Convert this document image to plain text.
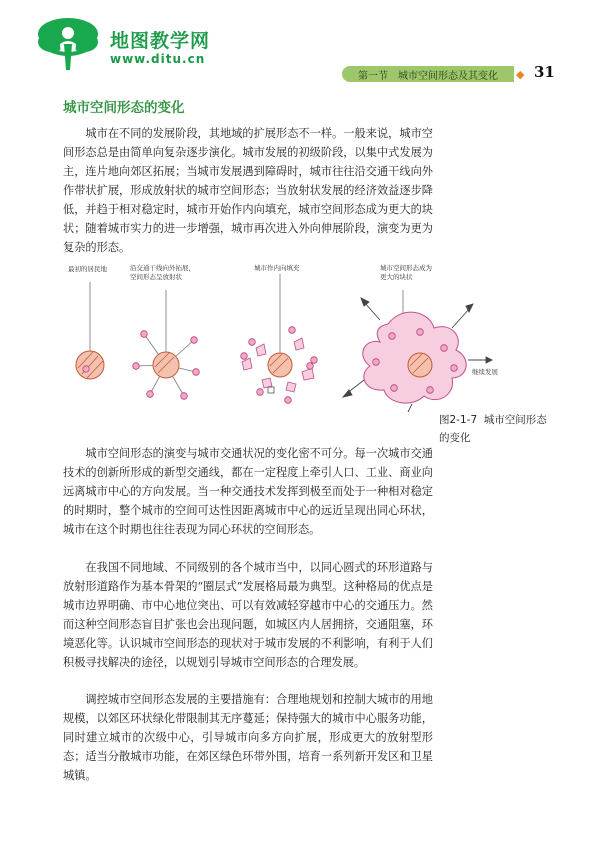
地图教学网
www.ditu.cn
第一节 城市空间形态及其变化 ◆ 31
城市空间形态的变化

城市在不同的发展阶段，其地域的扩展形态不一样。一般来说，城市空间形态总是由简单向复杂逐步演化。城市发展的初级阶段，以集中式发展为主，连片地向郊区拓展；当城市发展遇到障碍时，城市往往沿交通干线向外作带状扩展，形成放射状的城市空间形态；当放射状发展的经济效益逐步降低，并趋于相对稳定时，城市开始作内向填充，城市空间形态成为更大的块状；随着城市实力的进一步增强，城市再次进入外向伸展阶段，演变为更为复杂的形态。

最初的居民地	沿交通干线向外拓展，
空间形态呈放射状
城市作内向填充	城市空间形态成为
更大的块状
继续发展
图2-1-7 城市空间形态的变化

城市空间形态的演变与城市交通状况的变化密不可分。每一次城市交通技术的创新所形成的新型交通线，都在一定程度上牵引人口、工业、商业向远离城市中心的方向发展。当一种交通技术发挥到极至而处于一种相对稳定的时期时，整个城市的空间可达性因距离城市中心的远近呈现出同心环状，城市在这个时期也往往表现为同心环状的空间形态。

在我国不同地域、不同级别的各个城市当中，以同心圆式的环形道路与放射形道路作为基本骨架的“圈层式”发展格局最为典型。这种格局的优点是城市边界明确、市中心地位突出、可以有效减轻穿越市中心的交通压力。然而这种空间形态盲目扩张也会出现问题，如城区内人居拥挤，交通阻塞，环境恶化等。认识城市空间形态的现状对于城市发展的不利影响，有利于人们积极寻找解决的途径，以规划引导城市空间形态的合理发展。

调控城市空间形态发展的主要措施有：合理地规划和控制大城市的用地规模，以郊区环状绿化带限制其无序蔓延；保持强大的城市中心服务功能，同时建立城市的次级中心，引导城市向多方向扩展，形成更大的放射型形态；适当分散城市功能，在郊区绿色环带外围，培育一系列新开发区和卫星城镇。
